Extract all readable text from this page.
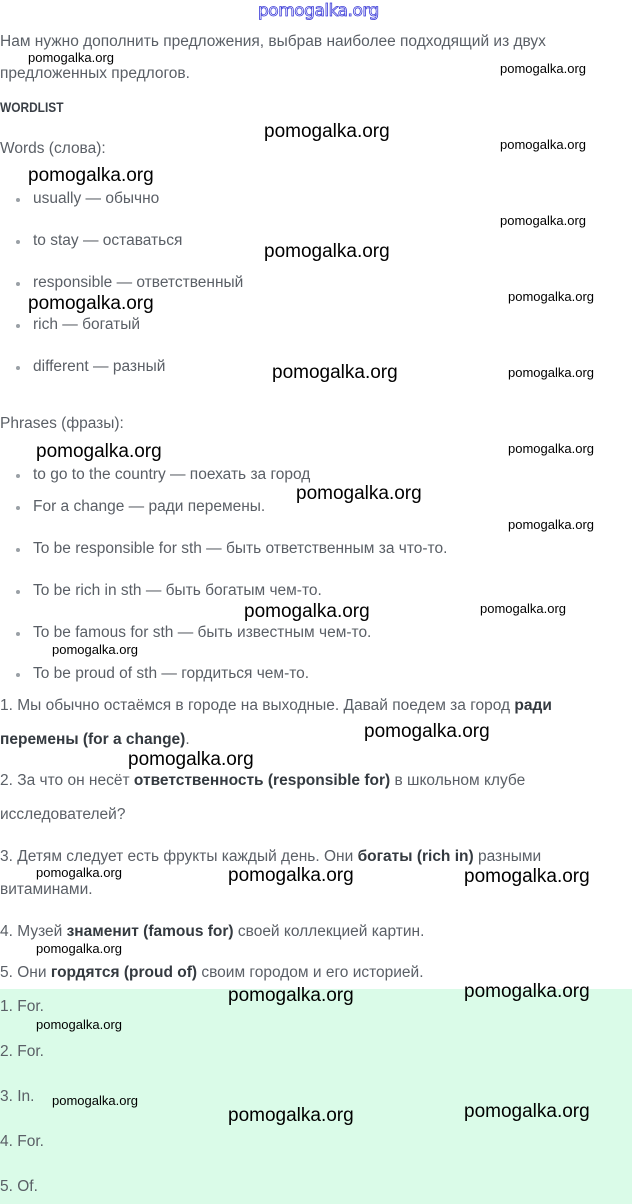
pomogalka.org
Нам нужно дополнить предложения, выбрав наиболее подходящий из двух
предложенных предлогов.
WORDLIST
Words (слова):
usually — обычно
to stay — оставаться
responsible — ответственный
rich — богатый
different — разный
Phrases (фразы):
to go to the country — поехать за город
For a change — ради перемены.
To be responsible for sth — быть ответственным за что-то.
To be rich in sth — быть богатым чем-то.
To be famous for sth — быть известным чем-то.
To be proud of sth — гордиться чем-то.
1. Мы обычно остаёмся в городе на выходные. Давай поедем за город ради
перемены (for a change).
2. За что он несёт ответственность (responsible for) в школьном клубе
исследователей?
3. Детям следует есть фрукты каждый день. Они богаты (rich in) разными
витаминами.
4. Музей знаменит (famous for) своей коллекцией картин.
5. Они гордятся (proud of) своим городом и его историей.
1. For.
2. For.
3. In.
4. For.
5. Of.
pomogalka.org
pomogalka.org
pomogalka.org
pomogalka.org
pomogalka.org
pomogalka.org
pomogalka.org
pomogalka.org
pomogalka.org
pomogalka.org
pomogalka.org
pomogalka.org
pomogalka.org
pomogalka.org
pomogalka.org
pomogalka.org
pomogalka.org
pomogalka.org
pomogalka.org
pomogalka.org
pomogalka.org
pomogalka.org
pomogalka.org
pomogalka.org
pomogalka.org	pomogalka.org
pomogalka.org	pomogalka.org
pomogalka.org	pomogalka.org
